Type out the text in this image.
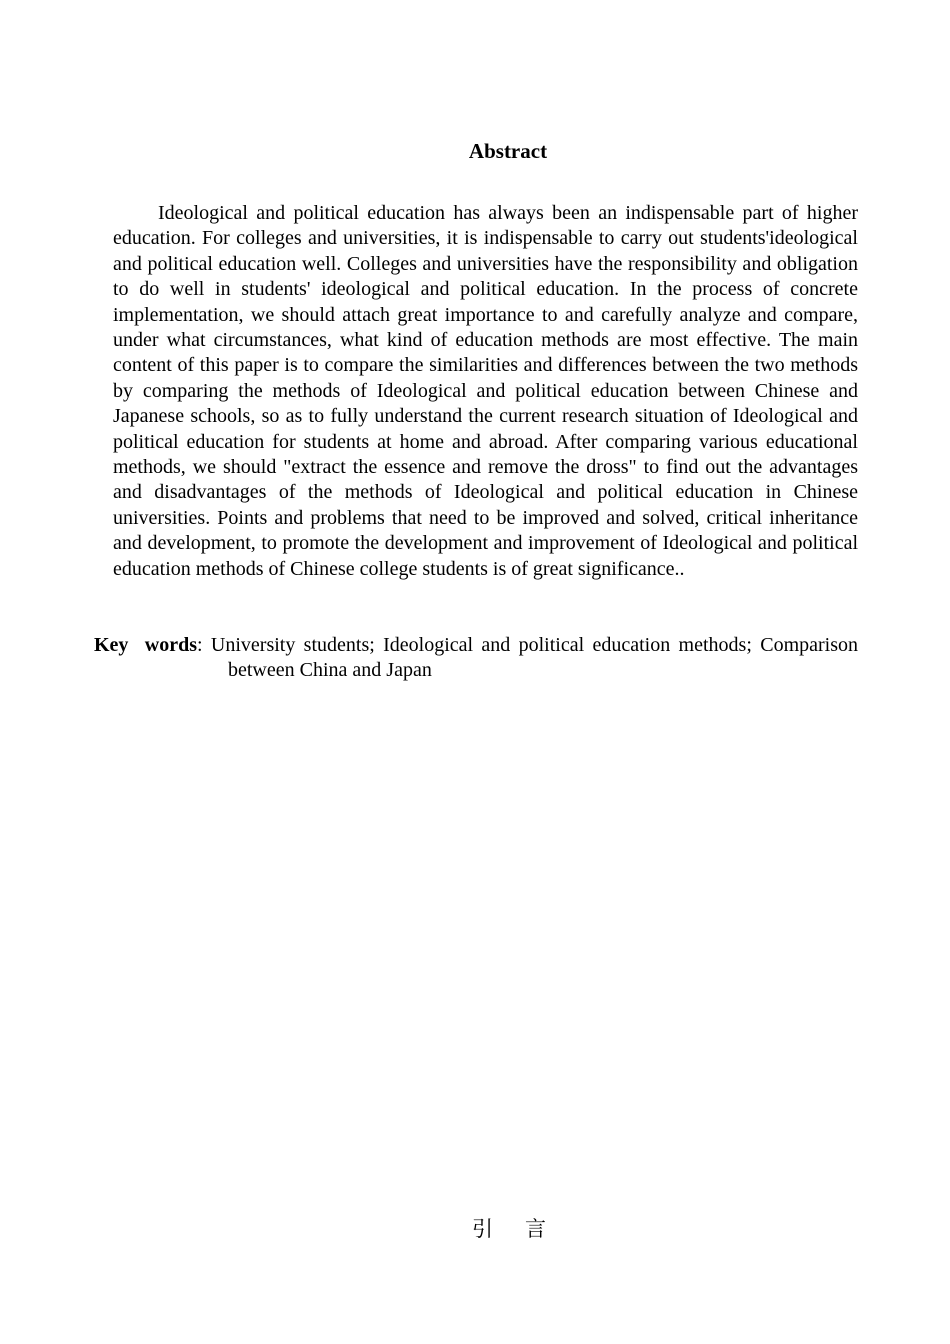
Abstract

Ideological and political education has always been an indispensable part of higher education. For colleges and universities, it is indispensable to carry out students'ideological and political education well. Colleges and universities have the responsibility and obligation to do well in students' ideological and political education. In the process of concrete implementation, we should attach great importance to and carefully analyze and compare, under what circumstances, what kind of education methods are most effective. The main content of this paper is to compare the similarities and differences between the two methods by comparing the methods of Ideological and political education between Chinese and Japanese schools, so as to fully understand the current research situation of Ideological and political education for students at home and abroad. After comparing various educational methods, we should "extract the essence and remove the dross" to find out the advantages and disadvantages of the methods of Ideological and political education in Chinese universities. Points and problems that need to be improved and solved, critical inheritance and development, to promote the development and improvement of Ideological and political education methods of Chinese college students is of great significance..

Key words: University students; Ideological and political education methods; Comparison between China and Japan

引言
